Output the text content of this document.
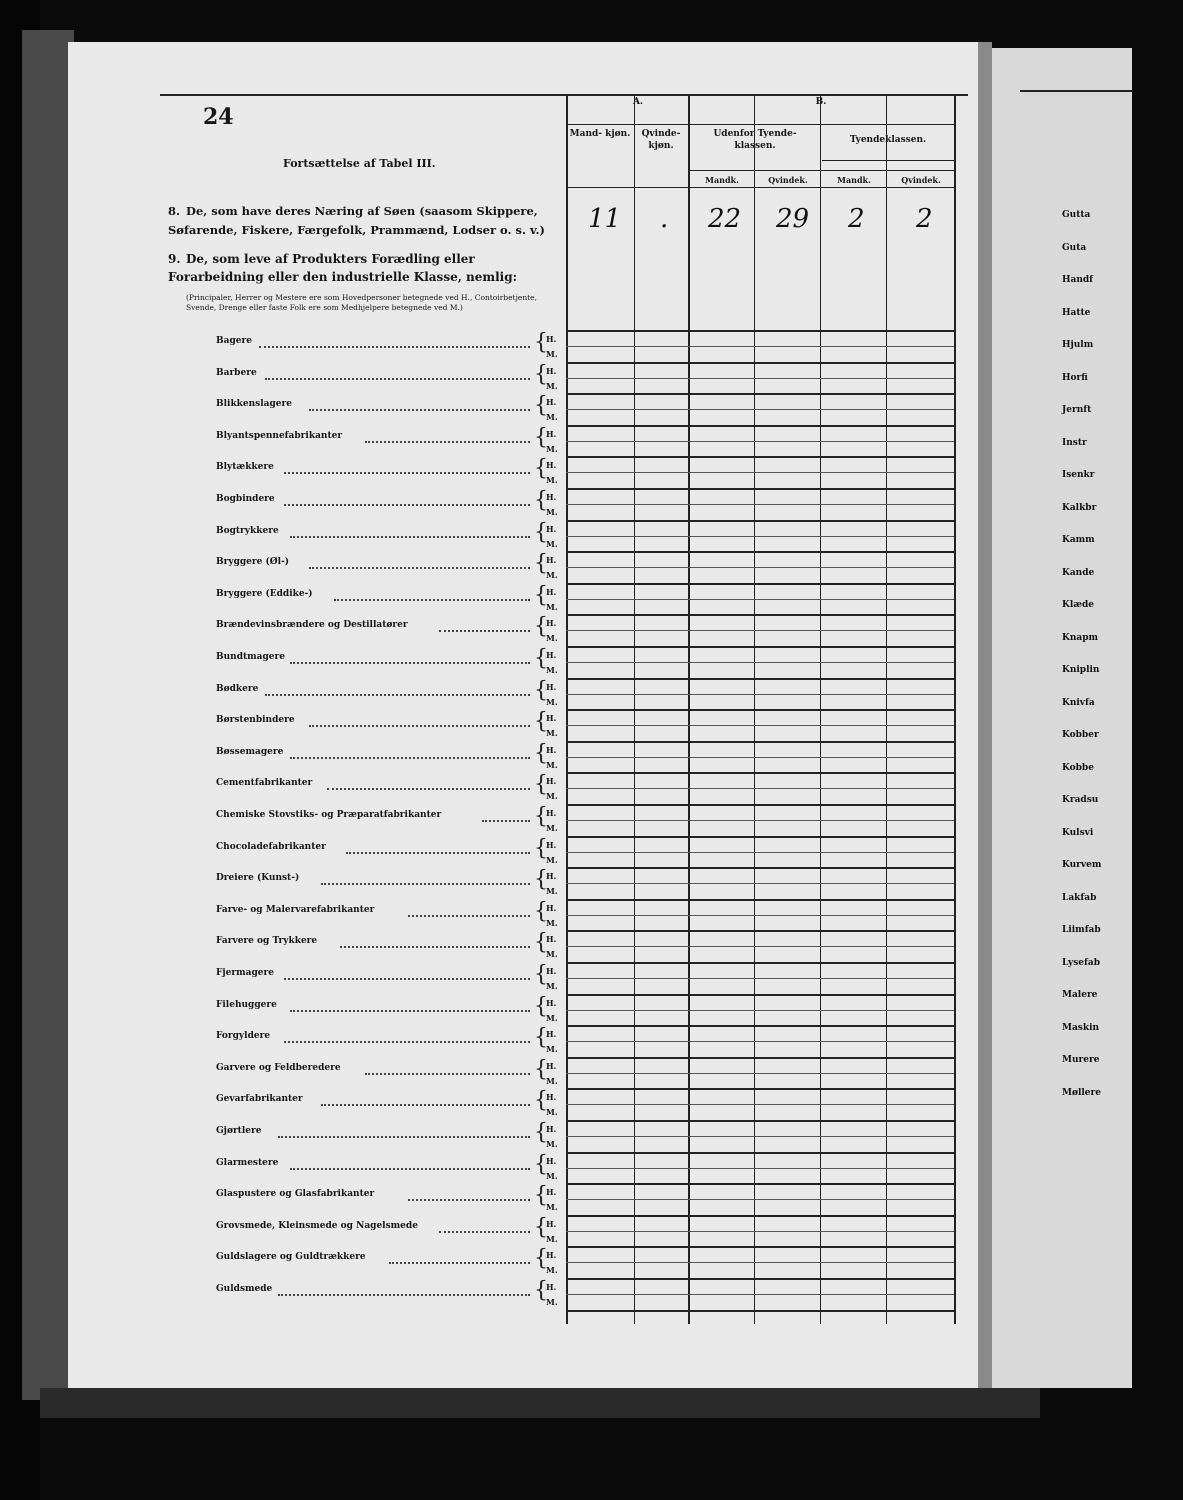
24
Fortsættelse af Tabel III.
8. De, som have deres Næring af Søen (saasom Skippere, Søfarende, Fiskere, Færgefolk, Prammænd, Lodser o. s. v.)
9. De, som leve af Produkters Forædling eller Forarbeidning eller den industrielle Klasse, nemlig:
(Principaler, Herrer og Mestere ere som Hovedpersoner betegnede ved H., Contoirbetjente, Svende, Drenge eller faste Folk ere som Medhjelpere betegnede ved M.)
A.	B.
Mand- kjøn.	Qvinde- kjøn.
Udenfor Tyende- klassen.
Tyendeklassen.
Mandk.	Qvindek.	Mandk.	Qvindek.
11 . 22 29 2 2
Bagere	{
H.
M.
Barbere	{
H.
M.
Blikkenslagere	{
H.
M.
Blyantspennefabrikanter	{
H.
M.
Blytækkere	{
H.
M.
Bogbindere	{
H.
M.
Bogtrykkere	{
H.
M.
Bryggere (Øl-)	{
H.
M.
Bryggere (Eddike-)	{
H.
M.
Brændevinsbrændere og Destillatører	{
H.
M.
Bundtmagere	{
H.
M.
Bødkere	{
H.
M.
Børstenbindere	{
H.
M.
Bøssemagere	{
H.
M.
Cementfabrikanter	{
H.
M.
Chemiske Stovstiks- og Præparatfabrikanter	{
H.
M.
Chocoladefabrikanter	{
H.
M.
Dreiere (Kunst-)	{
H.
M.
Farve- og Malervarefabrikanter	{
H.
M.
Farvere og Trykkere	{
H.
M.
Fjermagere	{
H.
M.
Filehuggere	{
H.
M.
Forgyldere	{
H.
M.
Garvere og Feldberedere	{
H.
M.
Gevarfabrikanter	{
H.
M.
Gjørtlere	{
H.
M.
Glarmestere	{
H.
M.
Glaspustere og Glasfabrikanter	{
H.
M.
Grovsmede, Kleinsmede og Nagelsmede	{
H.
M.
Guldslagere og Guldtrækkere	{
H.
M.
Guldsmede	{
H.
M.
Gutta
Guta
Handf
Hatte
Hjulm
Horfi
Jernft
Instr
Isenkr
Kalkbr
Kamm
Kande
Klæde
Knapm
Kniplin
Knivfa
Kobber
Kobbe
Kradsu
Kulsvi
Kurvem
Lakfab
Liimfab
Lysefab
Malere
Maskin
Murere
Møllere
